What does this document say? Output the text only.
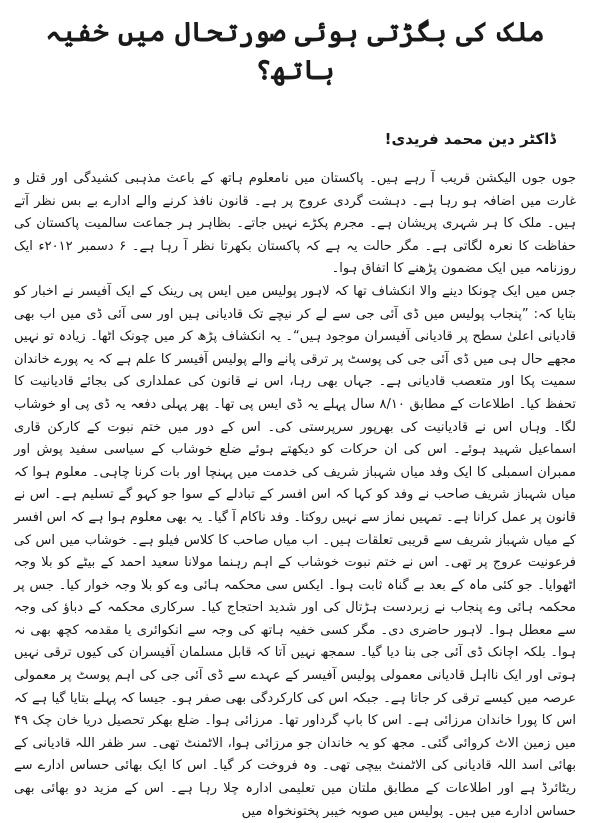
ملک کی بگڑتی ہوئی صورتحال میں خفیہ ہاتھ؟
ڈاکٹر دین محمد فریدی!

جوں جوں الیکشن قریب آ رہے ہیں۔ پاکستان میں نامعلوم ہاتھ کے باعث مذہبی کشیدگی اور قتل و غارت میں اضافہ ہو رہا ہے۔ دہشت گردی عروج پر ہے۔ قانون نافذ کرنے والے ادارے بے بس نظر آتے ہیں۔ ملک کا ہر شہری پریشان ہے۔ مجرم پکڑے نہیں جاتے۔ بظاہر ہر جماعت سالمیت پاکستان کی حفاظت کا نعرہ لگاتی ہے۔ مگر حالت یہ ہے کہ پاکستان بکھرتا نظر آ رہا ہے۔ ۶ دسمبر ۲۰۱۲ء ایک روزنامہ میں ایک مضمون پڑھنے کا اتفاق ہوا۔

جس میں ایک چونکا دینے والا انکشاف تھا کہ لاہور پولیس میں ایس پی رینک کے ایک آفیسر نے اخبار کو بتایا کہ: ”پنجاب پولیس میں ڈی آئی جی سے لے کر نیچے تک قادیانی ہیں اور سی آئی ڈی میں اب بھی قادیانی اعلیٰ سطح پر قادیانی آفیسران موجود ہیں“۔ یہ انکشاف پڑھ کر میں چونک اٹھا۔ زیادہ تو نہیں مجھے حال ہی میں ڈی آئی جی کی پوسٹ پر ترقی پانے والے پولیس آفیسر کا علم ہے کہ یہ پورے خاندان سمیت پکا اور متعصب قادیانی ہے۔ جہاں بھی رہا، اس نے قانون کی عملداری کی بجائے قادیانیت کا تحفظ کیا۔ اطلاعات کے مطابق ۸/۱۰ سال پہلے یہ ڈی ایس پی تھا۔ پھر پہلی دفعہ یہ ڈی پی او خوشاب لگا۔ وہاں اس نے قادیانیت کی بھرپور سرپرستی کی۔ اس کے دور میں ختم نبوت کے کارکن قاری اسماعیل شہید ہوئے۔ اس کی ان حرکات کو دیکھتے ہوئے ضلع خوشاب کے سیاسی سفید پوش اور ممبران اسمبلی کا ایک وفد میاں شہباز شریف کی خدمت میں پہنچا اور بات کرنا چاہی۔ معلوم ہوا کہ میاں شہباز شریف صاحب نے وفد کو کہا کہ اس افسر کے تبادلے کے سوا جو کہو گے تسلیم ہے۔ اس نے قانون پر عمل کرانا ہے۔ تمہیں نماز سے نہیں روکتا۔ وفد ناکام آ گیا۔ یہ بھی معلوم ہوا ہے کہ اس افسر کے میاں شہباز شریف سے قریبی تعلقات ہیں۔ اب میاں صاحب کا کلاس فیلو ہے۔ خوشاب میں اس کی فرعونیت عروج پر تھی۔ اس نے ختم نبوت خوشاب کے اہم رہنما مولانا سعید احمد کے بیٹے کو بلا وجہ اٹھوایا۔ جو کئی ماہ کے بعد بے گناہ ثابت ہوا۔ ایکس سی محکمہ ہائی وے کو بلا وجہ خوار کیا۔ جس پر محکمہ ہائی وے پنجاب نے زبردست ہڑتال کی اور شدید احتجاج کیا۔ سرکاری محکمہ کے دباؤ کی وجہ سے معطل ہوا۔ لاہور حاضری دی۔ مگر کسی خفیہ ہاتھ کی وجہ سے انکوائری یا مقدمہ کچھ بھی نہ ہوا۔ بلکہ اچانک ڈی آئی جی بنا دیا گیا۔ سمجھ نہیں آتا کہ قابل مسلمان آفیسران کی کیوں ترقی نہیں ہوتی اور ایک نااہل قادیانی معمولی پولیس آفیسر کے عہدے سے ڈی آئی جی کی اہم پوسٹ پر معمولی عرصہ میں کیسے ترقی کر جاتا ہے۔ جبکہ اس کی کارکردگی بھی صفر ہو۔ جیسا کہ پہلے بتایا گیا ہے کہ اس کا پورا خاندان مرزائی ہے۔ اس کا باپ گرداور تھا۔ مرزائی ہوا۔ ضلع بھکر تحصیل دریا خان چک ۴۹ میں زمین الاٹ کروائی گئی۔ مجھ کو یہ خاندان جو مرزائی ہوا، الاٹمنٹ تھی۔ سر ظفر اللہ قادیانی کے بھائی اسد اللہ قادیانی کی الاٹمنٹ بیچی تھی۔ وہ فروخت کر گیا۔ اس کا ایک بھائی حساس ادارے سے ریٹائرڈ ہے اور اطلاعات کے مطابق ملتان میں تعلیمی ادارہ چلا رہا ہے۔ اس کے مزید دو بھائی بھی حساس ادارے میں ہیں۔ پولیس میں صوبہ خیبر پختونخواہ میں
